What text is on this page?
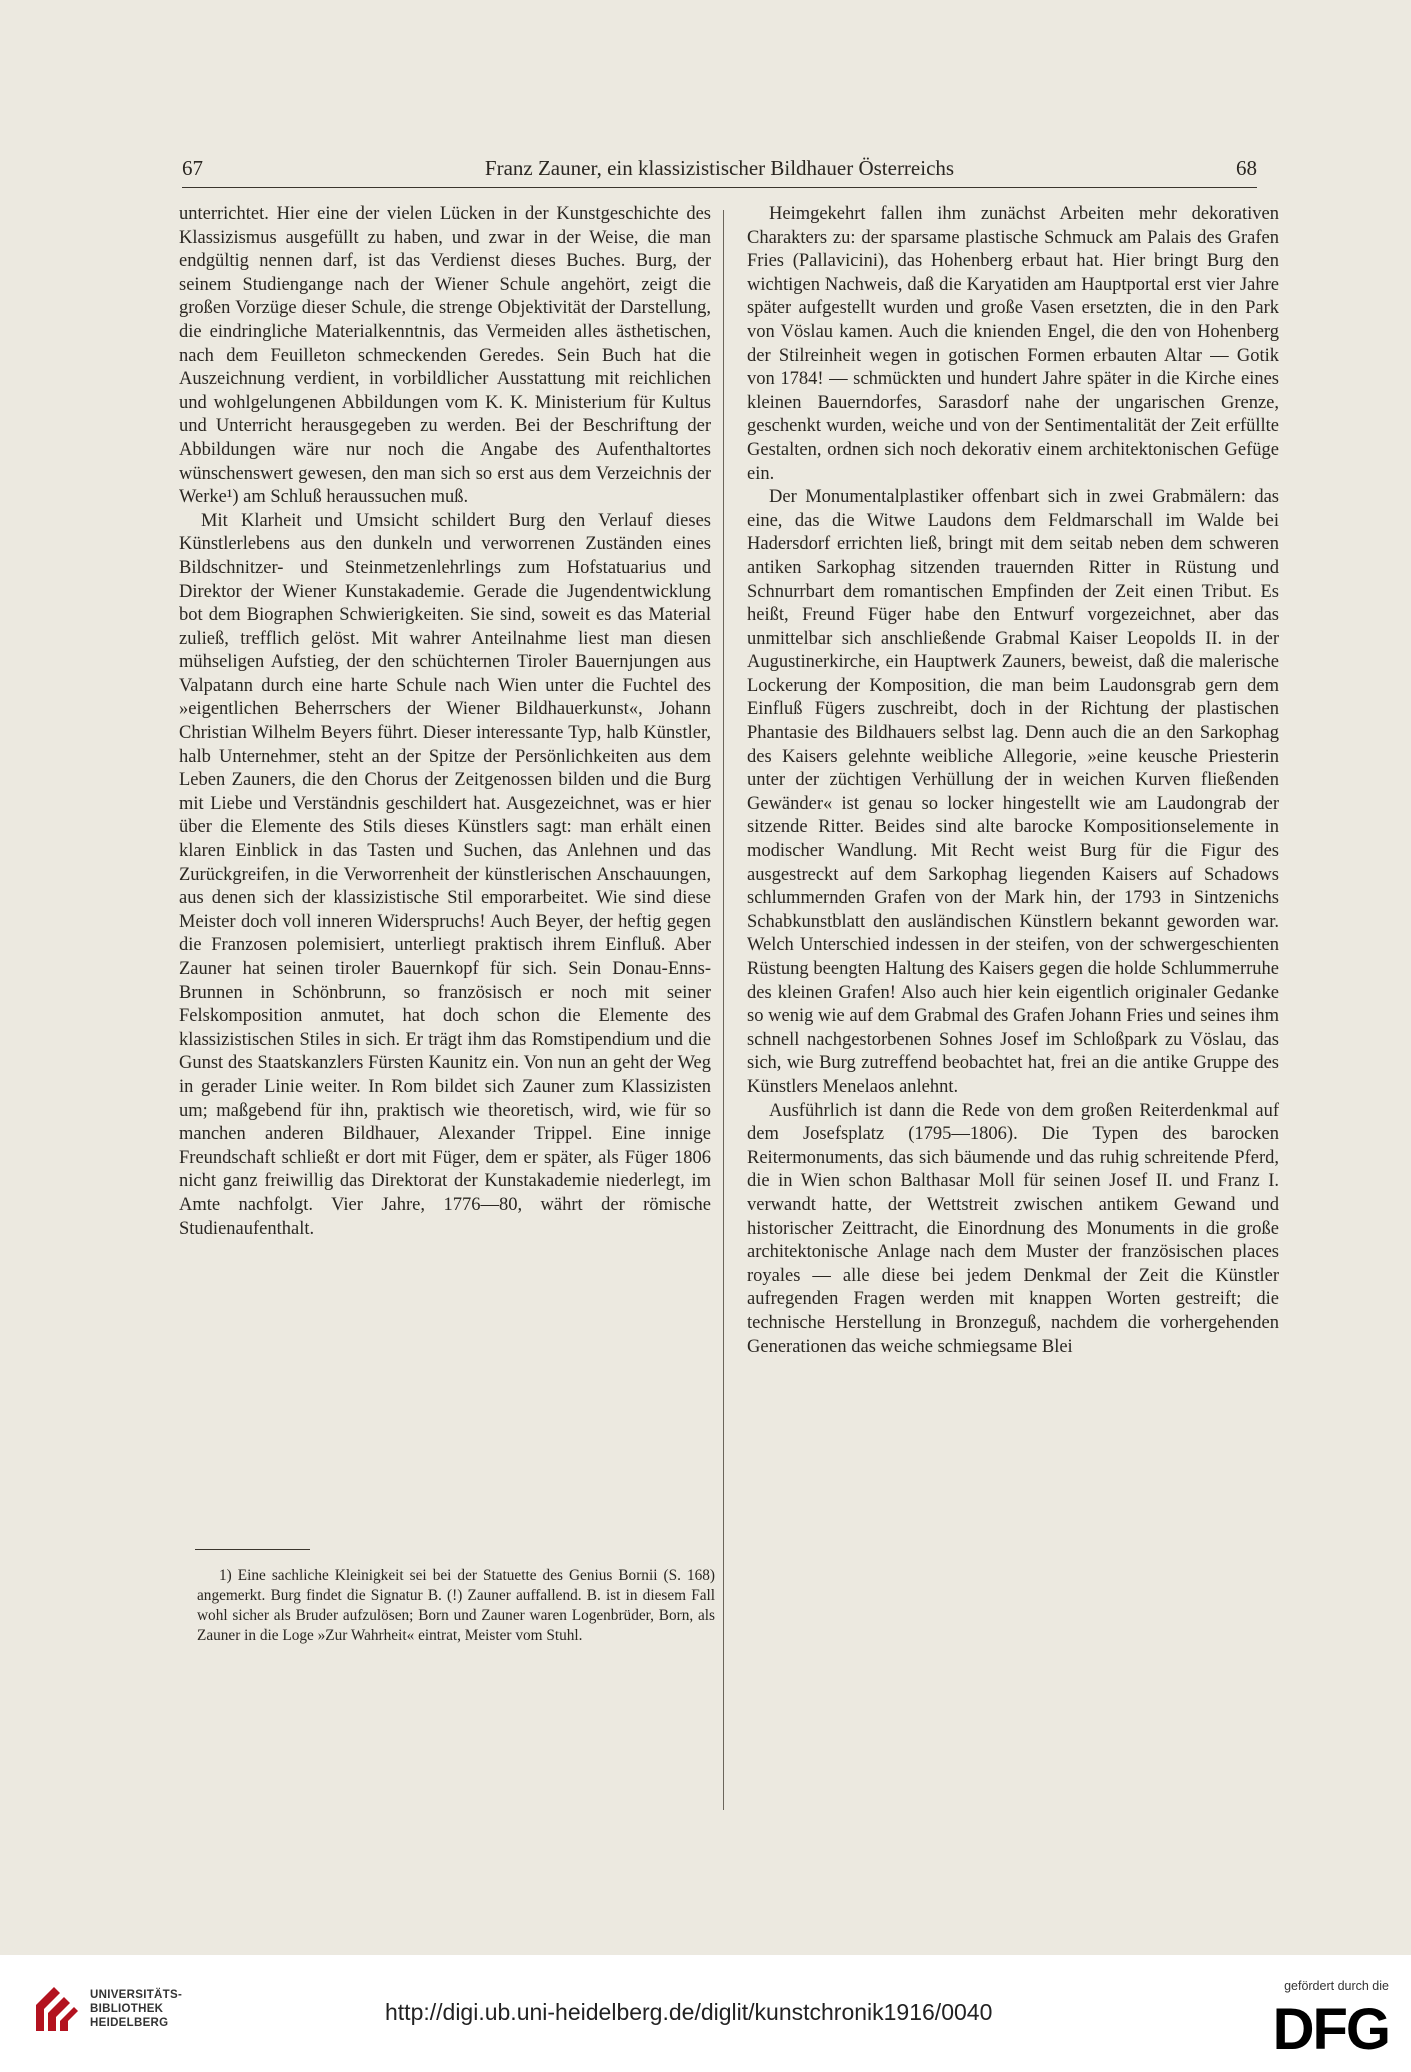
67	Franz Zauner, ein klassizistischer Bildhauer Österreichs	68

unterrichtet. Hier eine der vielen Lücken in der Kunstgeschichte des Klassizismus ausgefüllt zu haben, und zwar in der Weise, die man endgültig nennen darf, ist das Verdienst dieses Buches. Burg, der seinem Studiengange nach der Wiener Schule angehört, zeigt die großen Vorzüge dieser Schule, die strenge Objektivität der Darstellung, die eindringliche Materialkenntnis, das Vermeiden alles ästhetischen, nach dem Feuilleton schmeckenden Geredes. Sein Buch hat die Auszeichnung verdient, in vorbildlicher Ausstattung mit reichlichen und wohlgelungenen Abbildungen vom K. K. Ministerium für Kultus und Unterricht herausgegeben zu werden. Bei der Beschriftung der Abbildungen wäre nur noch die Angabe des Aufenthaltortes wünschenswert gewesen, den man sich so erst aus dem Verzeichnis der Werke¹) am Schluß heraussuchen muß.

Mit Klarheit und Umsicht schildert Burg den Verlauf dieses Künstlerlebens aus den dunkeln und verworrenen Zuständen eines Bildschnitzer- und Steinmetzenlehrlings zum Hofstatuarius und Direktor der Wiener Kunstakademie. Gerade die Jugendentwicklung bot dem Biographen Schwierigkeiten. Sie sind, soweit es das Material zuließ, trefflich gelöst. Mit wahrer Anteilnahme liest man diesen mühseligen Aufstieg, der den schüchternen Tiroler Bauernjungen aus Valpatann durch eine harte Schule nach Wien unter die Fuchtel des »eigentlichen Beherrschers der Wiener Bildhauerkunst«, Johann Christian Wilhelm Beyers führt. Dieser interessante Typ, halb Künstler, halb Unternehmer, steht an der Spitze der Persönlichkeiten aus dem Leben Zauners, die den Chorus der Zeitgenossen bilden und die Burg mit Liebe und Verständnis geschildert hat. Ausgezeichnet, was er hier über die Elemente des Stils dieses Künstlers sagt: man erhält einen klaren Einblick in das Tasten und Suchen, das Anlehnen und das Zurückgreifen, in die Verworrenheit der künstlerischen Anschauungen, aus denen sich der klassizistische Stil emporarbeitet. Wie sind diese Meister doch voll inneren Widerspruchs! Auch Beyer, der heftig gegen die Franzosen polemisiert, unterliegt praktisch ihrem Einfluß. Aber Zauner hat seinen tiroler Bauernkopf für sich. Sein Donau-Enns-Brunnen in Schönbrunn, so französisch er noch mit seiner Felskomposition anmutet, hat doch schon die Elemente des klassizistischen Stiles in sich. Er trägt ihm das Romstipendium und die Gunst des Staatskanzlers Fürsten Kaunitz ein. Von nun an geht der Weg in gerader Linie weiter. In Rom bildet sich Zauner zum Klassizisten um; maßgebend für ihn, praktisch wie theoretisch, wird, wie für so manchen anderen Bildhauer, Alexander Trippel. Eine innige Freundschaft schließt er dort mit Füger, dem er später, als Füger 1806 nicht ganz freiwillig das Direktorat der Kunstakademie niederlegt, im Amte nachfolgt. Vier Jahre, 1776—80, währt der römische Studienaufenthalt.

1) Eine sachliche Kleinigkeit sei bei der Statuette des Genius Bornii (S. 168) angemerkt. Burg findet die Signatur B. (!) Zauner auffallend. B. ist in diesem Fall wohl sicher als Bruder aufzulösen; Born und Zauner waren Logenbrüder, Born, als Zauner in die Loge »Zur Wahrheit« eintrat, Meister vom Stuhl.

Heimgekehrt fallen ihm zunächst Arbeiten mehr dekorativen Charakters zu: der sparsame plastische Schmuck am Palais des Grafen Fries (Pallavicini), das Hohenberg erbaut hat. Hier bringt Burg den wichtigen Nachweis, daß die Karyatiden am Hauptportal erst vier Jahre später aufgestellt wurden und große Vasen ersetzten, die in den Park von Vöslau kamen. Auch die knienden Engel, die den von Hohenberg der Stilreinheit wegen in gotischen Formen erbauten Altar — Gotik von 1784! — schmückten und hundert Jahre später in die Kirche eines kleinen Bauerndorfes, Sarasdorf nahe der ungarischen Grenze, geschenkt wurden, weiche und von der Sentimentalität der Zeit erfüllte Gestalten, ordnen sich noch dekorativ einem architektonischen Gefüge ein.

Der Monumentalplastiker offenbart sich in zwei Grabmälern: das eine, das die Witwe Laudons dem Feldmarschall im Walde bei Hadersdorf errichten ließ, bringt mit dem seitab neben dem schweren antiken Sarkophag sitzenden trauernden Ritter in Rüstung und Schnurrbart dem romantischen Empfinden der Zeit einen Tribut. Es heißt, Freund Füger habe den Entwurf vorgezeichnet, aber das unmittelbar sich anschließende Grabmal Kaiser Leopolds II. in der Augustinerkirche, ein Hauptwerk Zauners, beweist, daß die malerische Lockerung der Komposition, die man beim Laudonsgrab gern dem Einfluß Fügers zuschreibt, doch in der Richtung der plastischen Phantasie des Bildhauers selbst lag. Denn auch die an den Sarkophag des Kaisers gelehnte weibliche Allegorie, »eine keusche Priesterin unter der züchtigen Verhüllung der in weichen Kurven fließenden Gewänder« ist genau so locker hingestellt wie am Laudongrab der sitzende Ritter. Beides sind alte barocke Kompositionselemente in modischer Wandlung. Mit Recht weist Burg für die Figur des ausgestreckt auf dem Sarkophag liegenden Kaisers auf Schadows schlummernden Grafen von der Mark hin, der 1793 in Sintzenichs Schabkunstblatt den ausländischen Künstlern bekannt geworden war. Welch Unterschied indessen in der steifen, von der schwergeschienten Rüstung beengten Haltung des Kaisers gegen die holde Schlummerruhe des kleinen Grafen! Also auch hier kein eigentlich originaler Gedanke so wenig wie auf dem Grabmal des Grafen Johann Fries und seines ihm schnell nachgestorbenen Sohnes Josef im Schloßpark zu Vöslau, das sich, wie Burg zutreffend beobachtet hat, frei an die antike Gruppe des Künstlers Menelaos anlehnt.

Ausführlich ist dann die Rede von dem großen Reiterdenkmal auf dem Josefsplatz (1795—1806). Die Typen des barocken Reitermonuments, das sich bäumende und das ruhig schreitende Pferd, die in Wien schon Balthasar Moll für seinen Josef II. und Franz I. verwandt hatte, der Wettstreit zwischen antikem Gewand und historischer Zeittracht, die Einordnung des Monuments in die große architektonische Anlage nach dem Muster der französischen places royales — alle diese bei jedem Denkmal der Zeit die Künstler aufregenden Fragen werden mit knappen Worten gestreift; die technische Herstellung in Bronzeguß, nachdem die vorhergehenden Generationen das weiche schmiegsame Blei

UNIVERSITÄTS-
BIBLIOTHEK
HEIDELBERG	http://digi.ub.uni-heidelberg.de/diglit/kunstchronik1916/0040
gefördert durch die
DFG
